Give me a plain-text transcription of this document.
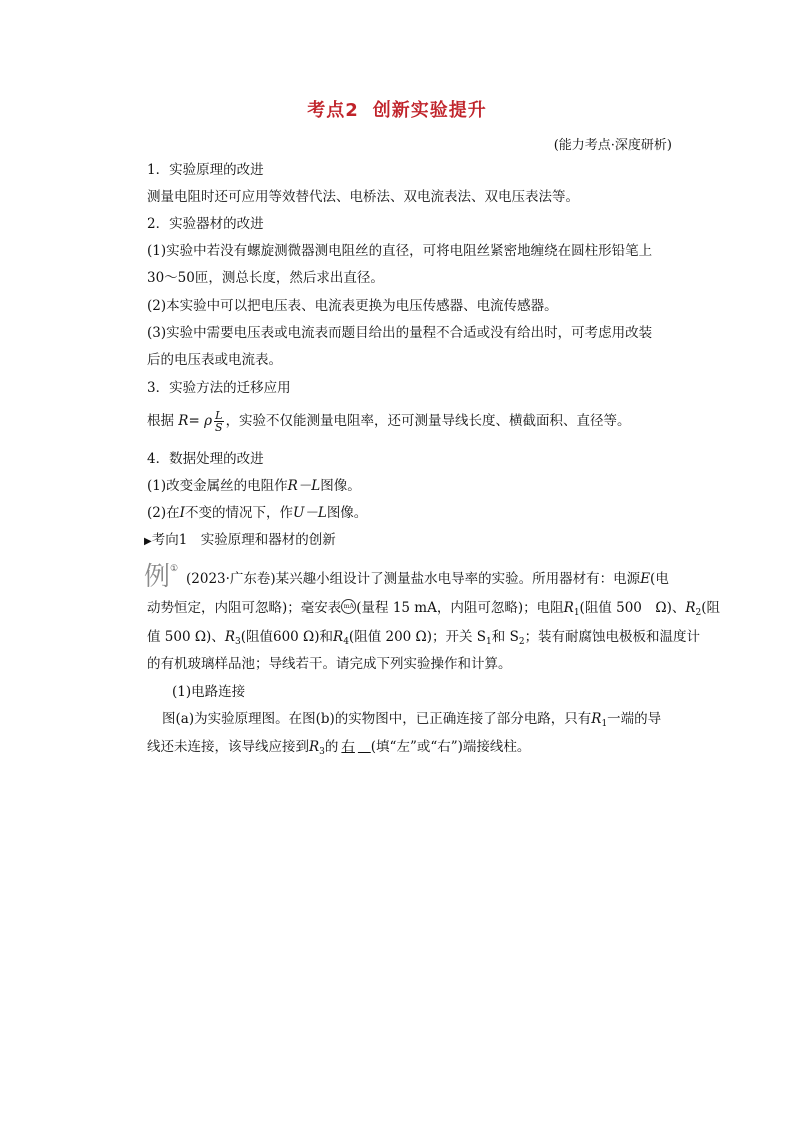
考点2 创新实验提升
(能力考点·深度研析)
1．实验原理的改进
测量电阻时还可应用等效替代法、电桥法、双电流表法、双电压表法等。
2．实验器材的改进
(1)实验中若没有螺旋测微器测电阻丝的直径，可将电阻丝紧密地缠绕在圆柱形铅笔上
30～50匝，测总长度，然后求出直径。
(2)本实验中可以把电压表、电流表更换为电压传感器、电流传感器。
(3)实验中需要电压表或电流表而题目给出的量程不合适或没有给出时，可考虑用改装
后的电压表或电流表。
3．实验方法的迁移应用
根据 R= ρ $\frac{L}{S}$ ，实验不仅能测量电阻率，还可测量导线长度、横截面积、直径等。
4．数据处理的改进
(1)改变金属丝的电阻作R－L图像。
(2)在I不变的情况下，作U－L图像。
▶考向1　实验原理和器材的创新
例①
(2023·广东卷)某兴趣小组设计了测量盐水电导率的实验。所用器材有：电源E(电
动势恒定，内阻可忽略)；毫安表 mA (量程 15 mA，内阻可忽略)；电阻$R_1$(阻值 500　Ω)、$R_2$(阻
值 500 Ω)、$R_3$(阻值600 Ω)和$R_4$(阻值 200 Ω)；开关 $S_1$和 $S_2$；装有耐腐蚀电极板和温度计
的有机玻璃样品池；导线若干。请完成下列实验操作和计算。
(1)电路连接
图(a)为实验原理图。在图(b)的实物图中，已正确连接了部分电路，只有$R_1$一端的导
线还未连接，该导线应接到$R_3$的 右 (填“左”或“右”)端接线柱。
